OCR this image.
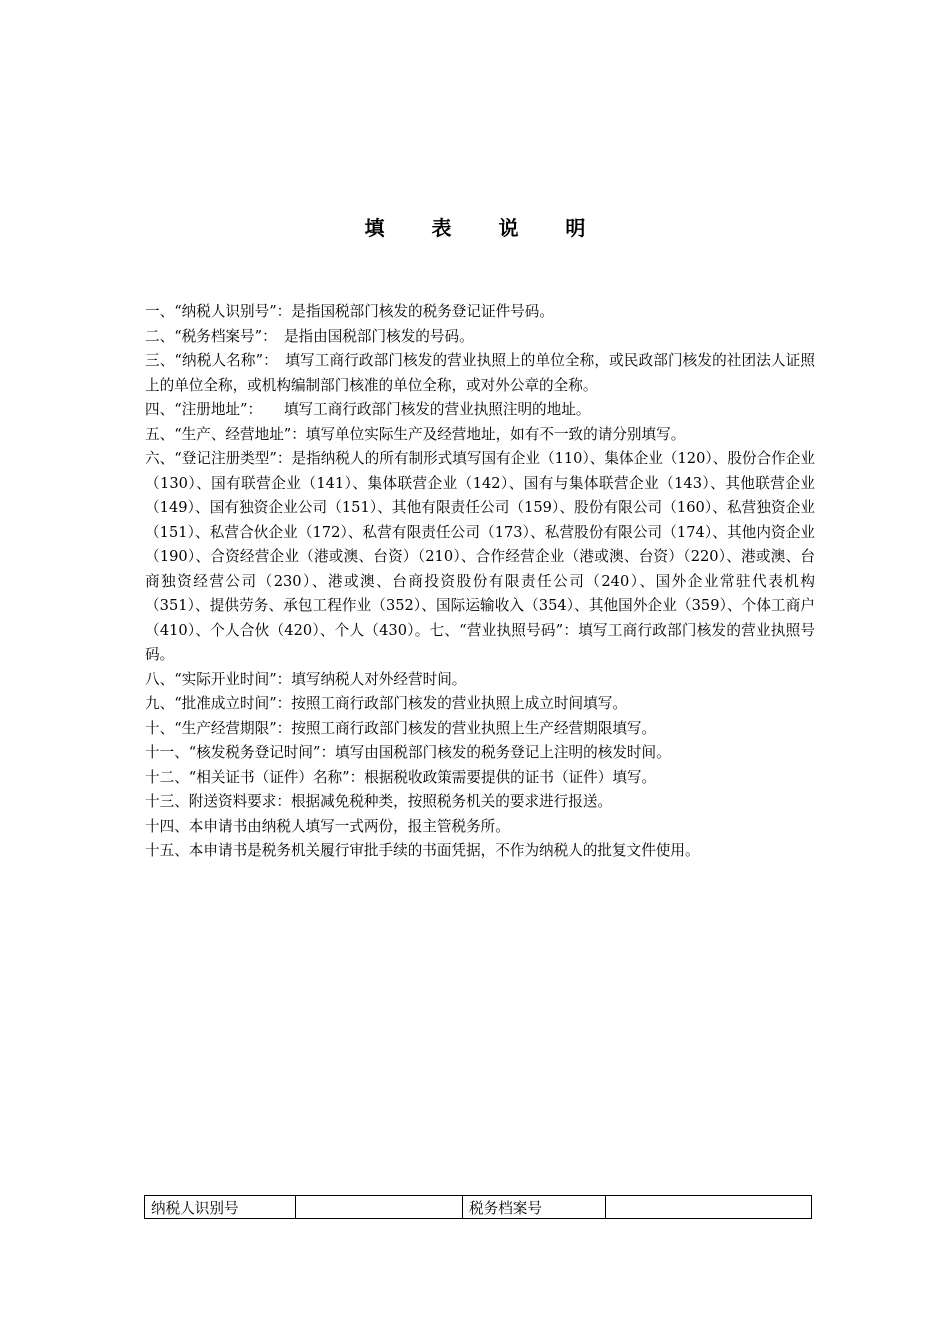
填 表 说 明

一、“纳税人识别号”：是指国税部门核发的税务登记证件号码。

二、“税务档案号”：　是指由国税部门核发的号码。

三、“纳税人名称”：　填写工商行政部门核发的营业执照上的单位全称，或民政部门核发的社团法人证照上的单位全称，或机构编制部门核准的单位全称，或对外公章的全称。

四、“注册地址”：　　填写工商行政部门核发的营业执照注明的地址。

五、“生产、经营地址”：填写单位实际生产及经营地址，如有不一致的请分别填写。

六、“登记注册类型”：是指纳税人的所有制形式填写国有企业（110）、集体企业（120）、股份合作企业（130）、国有联营企业（141）、集体联营企业（142）、国有与集体联营企业（143）、其他联营企业（149）、国有独资企业公司（151）、其他有限责任公司（159）、股份有限公司（160）、私营独资企业（151）、私营合伙企业（172）、私营有限责任公司（173）、私营股份有限公司（174）、其他内资企业（190）、合资经营企业（港或澳、台资）（210）、合作经营企业（港或澳、台资）（220）、港或澳、台商独资经营公司（230）、港或澳、台商投资股份有限责任公司（240）、国外企业常驻代表机构（351）、提供劳务、承包工程作业（352）、国际运输收入（354）、其他国外企业（359）、个体工商户（410）、个人合伙（420）、个人（430）。七、“营业执照号码”：填写工商行政部门核发的营业执照号码。

八、“实际开业时间”：填写纳税人对外经营时间。

九、“批准成立时间”：按照工商行政部门核发的营业执照上成立时间填写。

十、“生产经营期限”：按照工商行政部门核发的营业执照上生产经营期限填写。

十一、“核发税务登记时间”：填写由国税部门核发的税务登记上注明的核发时间。

十二、“相关证书（证件）名称”：根据税收政策需要提供的证书（证件）填写。

十三、附送资料要求：根据减免税种类，按照税务机关的要求进行报送。

十四、本申请书由纳税人填写一式两份，报主管税务所。

十五、本申请书是税务机关履行审批手续的书面凭据，不作为纳税人的批复文件使用。

纳税人识别号		税务档案号	
